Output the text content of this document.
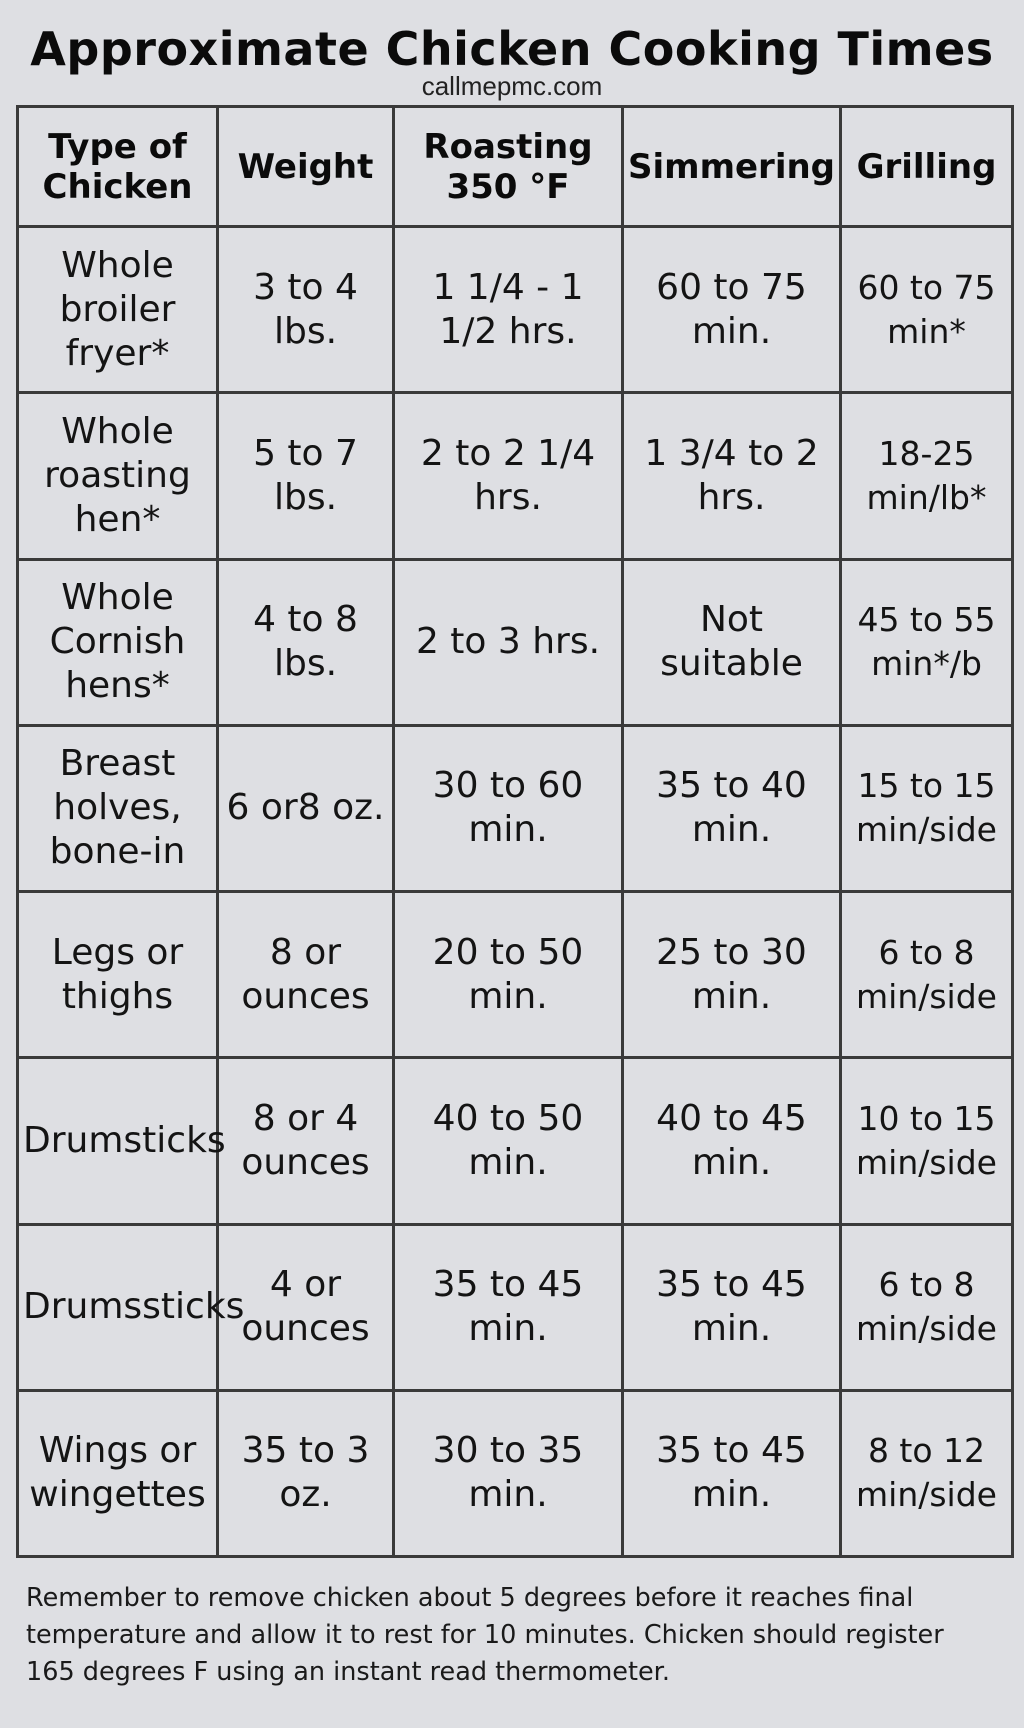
Approximate Chicken Cooking Times
callmepmc.com
Type of Chicken	Weight	Roasting 350 °F	Simmering	Grilling
Whole broiler fryer*	3 to 4 lbs.	1 1/4 - 1 1/2 hrs.	60 to 75 min.	60 to 75 min*
Whole roasting hen*	5 to 7 lbs.	2 to 2 1/4 hrs.	1 3/4 to 2 hrs.	18-25 min/lb*
Whole Cornish hens*	4 to 8 lbs.	2 to 3 hrs.	Not suitable	45 to 55 min*/b
Breast holves, bone-in	6 or8 oz.	30 to 60 min.	35 to 40 min.	15 to 15 min/side
Legs or thighs	8 or ounces	20 to 50 min.	25 to 30 min.	6 to 8 min/side
Drumsticks	8 or 4 ounces	40 to 50 min.	40 to 45 min.	10 to 15 min/side
Drumssticks	4 or ounces	35 to 45 min.	35 to 45 min.	6 to 8 min/side
Wings or wingettes	35 to 3 oz.	30 to 35 min.	35 to 45 min.	8 to 12 min/side
Remember to remove chicken about 5 degrees before it reaches final temperature and allow it to rest for 10 minutes. Chicken should register 165 degrees F using an instant read thermometer.
